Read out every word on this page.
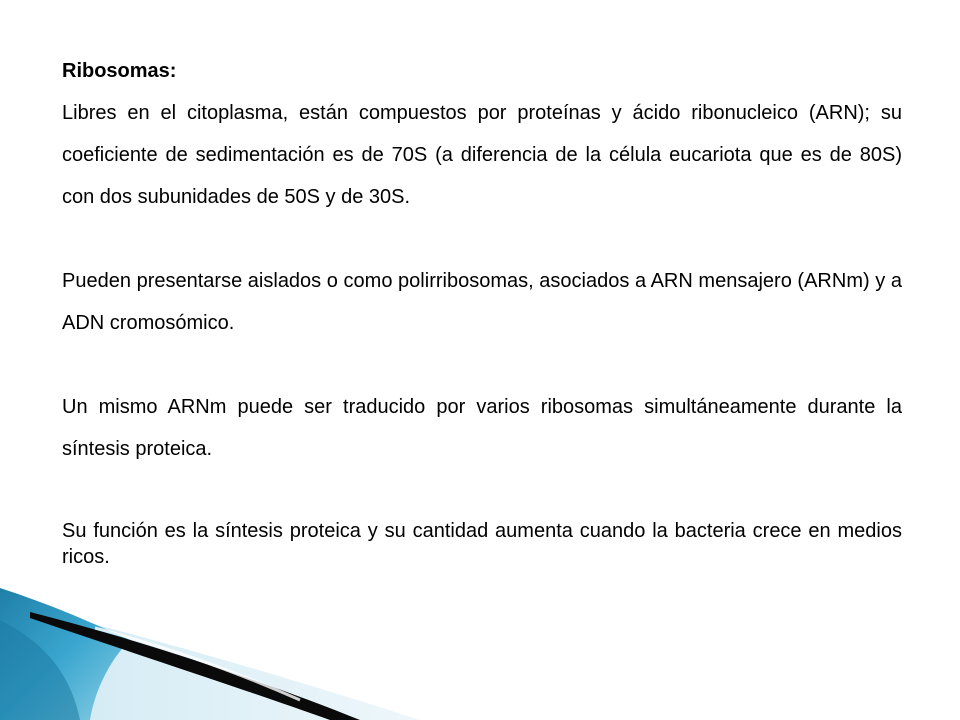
Ribosomas:

Libres en el citoplasma, están compuestos por proteínas y ácido ribonucleico (ARN); su coeficiente de sedimentación es de 70S (a diferencia de la célula eucariota que es de 80S) con dos subunidades de 50S y de 30S.

Pueden presentarse aislados o como polirribosomas, asociados a ARN mensajero (ARNm) y a ADN cromosómico.

Un mismo ARNm puede ser traducido por varios ribosomas simultáneamente durante la síntesis proteica.

Su función es la síntesis proteica y su cantidad aumenta cuando la bacteria crece en medios ricos.
